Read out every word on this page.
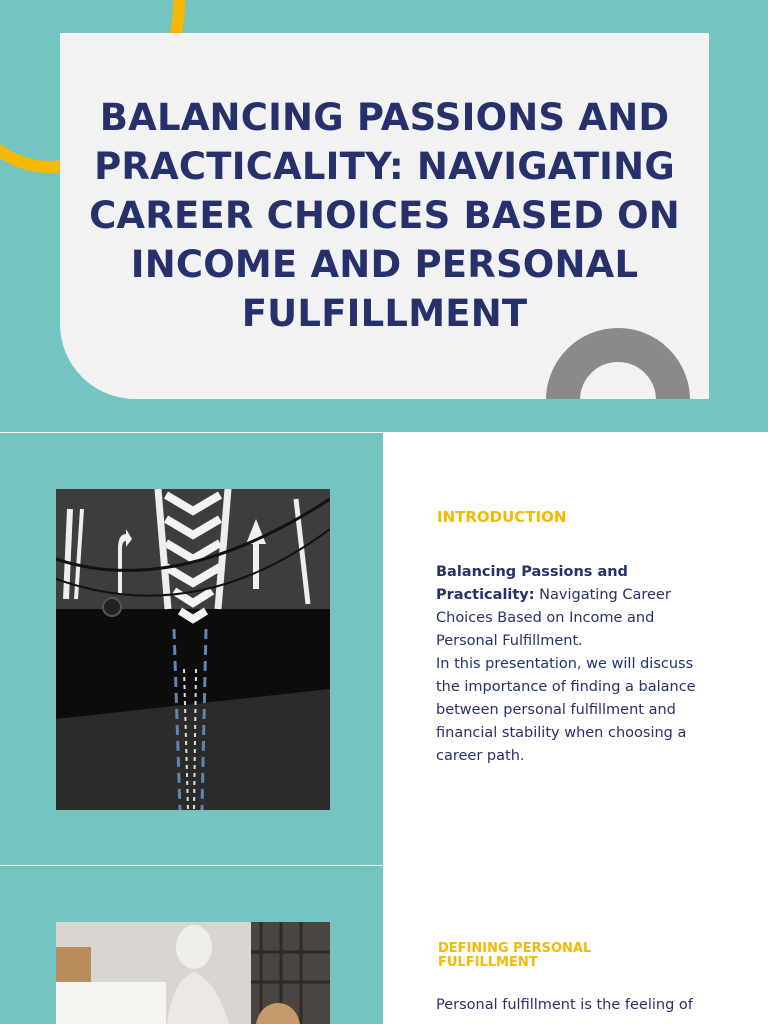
BALANCING PASSIONS AND PRACTICALITY: NAVIGATING CAREER CHOICES BASED ON INCOME AND PERSONAL FULFILLMENT
INTRODUCTION
Balancing Passions and Practicality: Navigating Career Choices Based on Income and Personal Fulfillment.
In this presentation, we will discuss the importance of finding a balance between personal fulfillment and financial stability when choosing a career path.
DEFINING PERSONAL FULFILLMENT
Personal fulfillment is the feeling of
